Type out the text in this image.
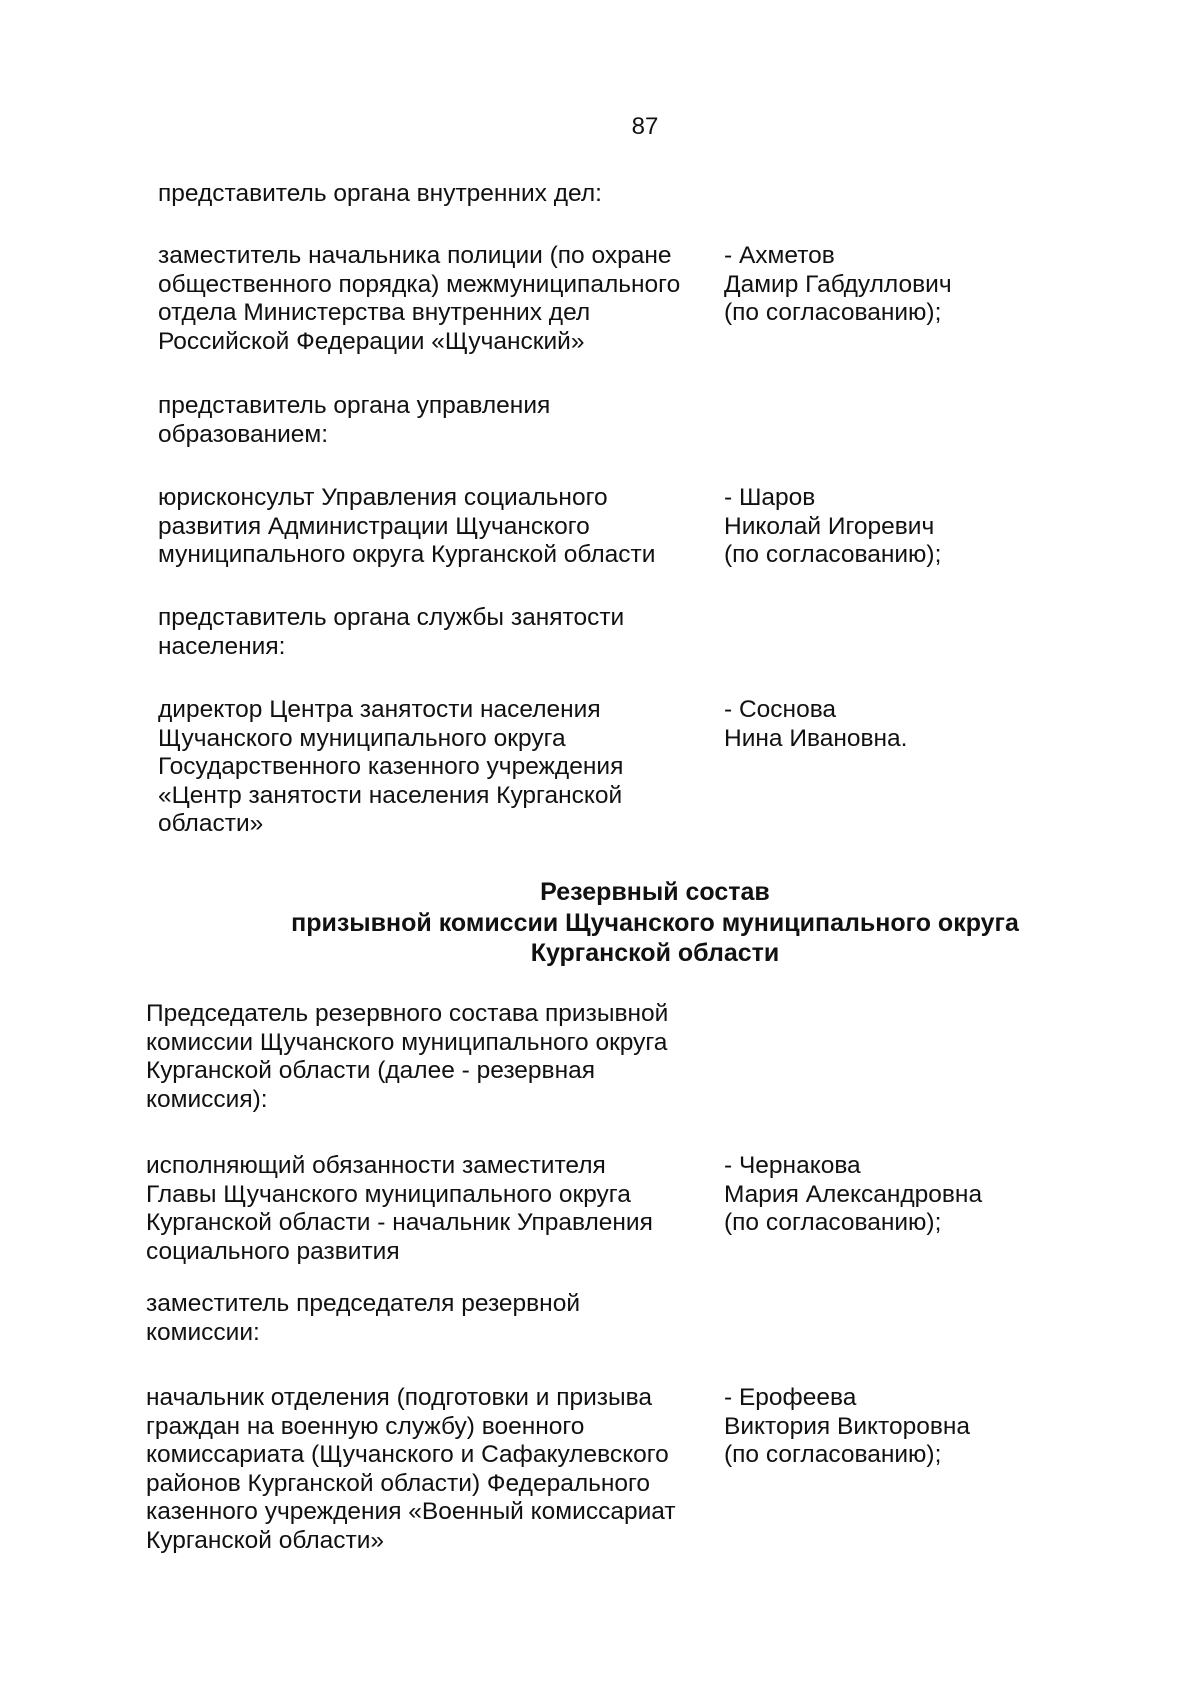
87
представитель органа внутренних дел:
заместитель начальника полиции (по охране
общественного порядка) межмуниципального
отдела Министерства внутренних дел
Российской Федерации «Щучанский»
- Ахметов
Дамир Габдуллович
(по согласованию);
представитель органа управления
образованием:
юрисконсульт Управления социального
развития Администрации Щучанского
муниципального округа Курганской области
- Шаров
Николай Игоревич
(по согласованию);
представитель органа службы занятости
населения:
директор Центра занятости населения
Щучанского муниципального округа
Государственного казенного учреждения
«Центр занятости населения Курганской
области»
- Соснова
Нина Ивановна.
Резервный состав
призывной комиссии Щучанского муниципального округа
Курганской области
Председатель резервного состава призывной
комиссии Щучанского муниципального округа
Курганской области (далее - резервная
комиссия):
исполняющий обязанности заместителя
Главы Щучанского муниципального округа
Курганской области - начальник Управления
социального развития
- Чернакова
Мария Александровна
(по согласованию);
заместитель председателя резервной
комиссии:
начальник отделения (подготовки и призыва
граждан на военную службу) военного
комиссариата (Щучанского и Сафакулевского
районов Курганской области) Федерального
казенного учреждения «Военный комиссариат
Курганской области»
- Ерофеева
Виктория Викторовна
(по согласованию);
